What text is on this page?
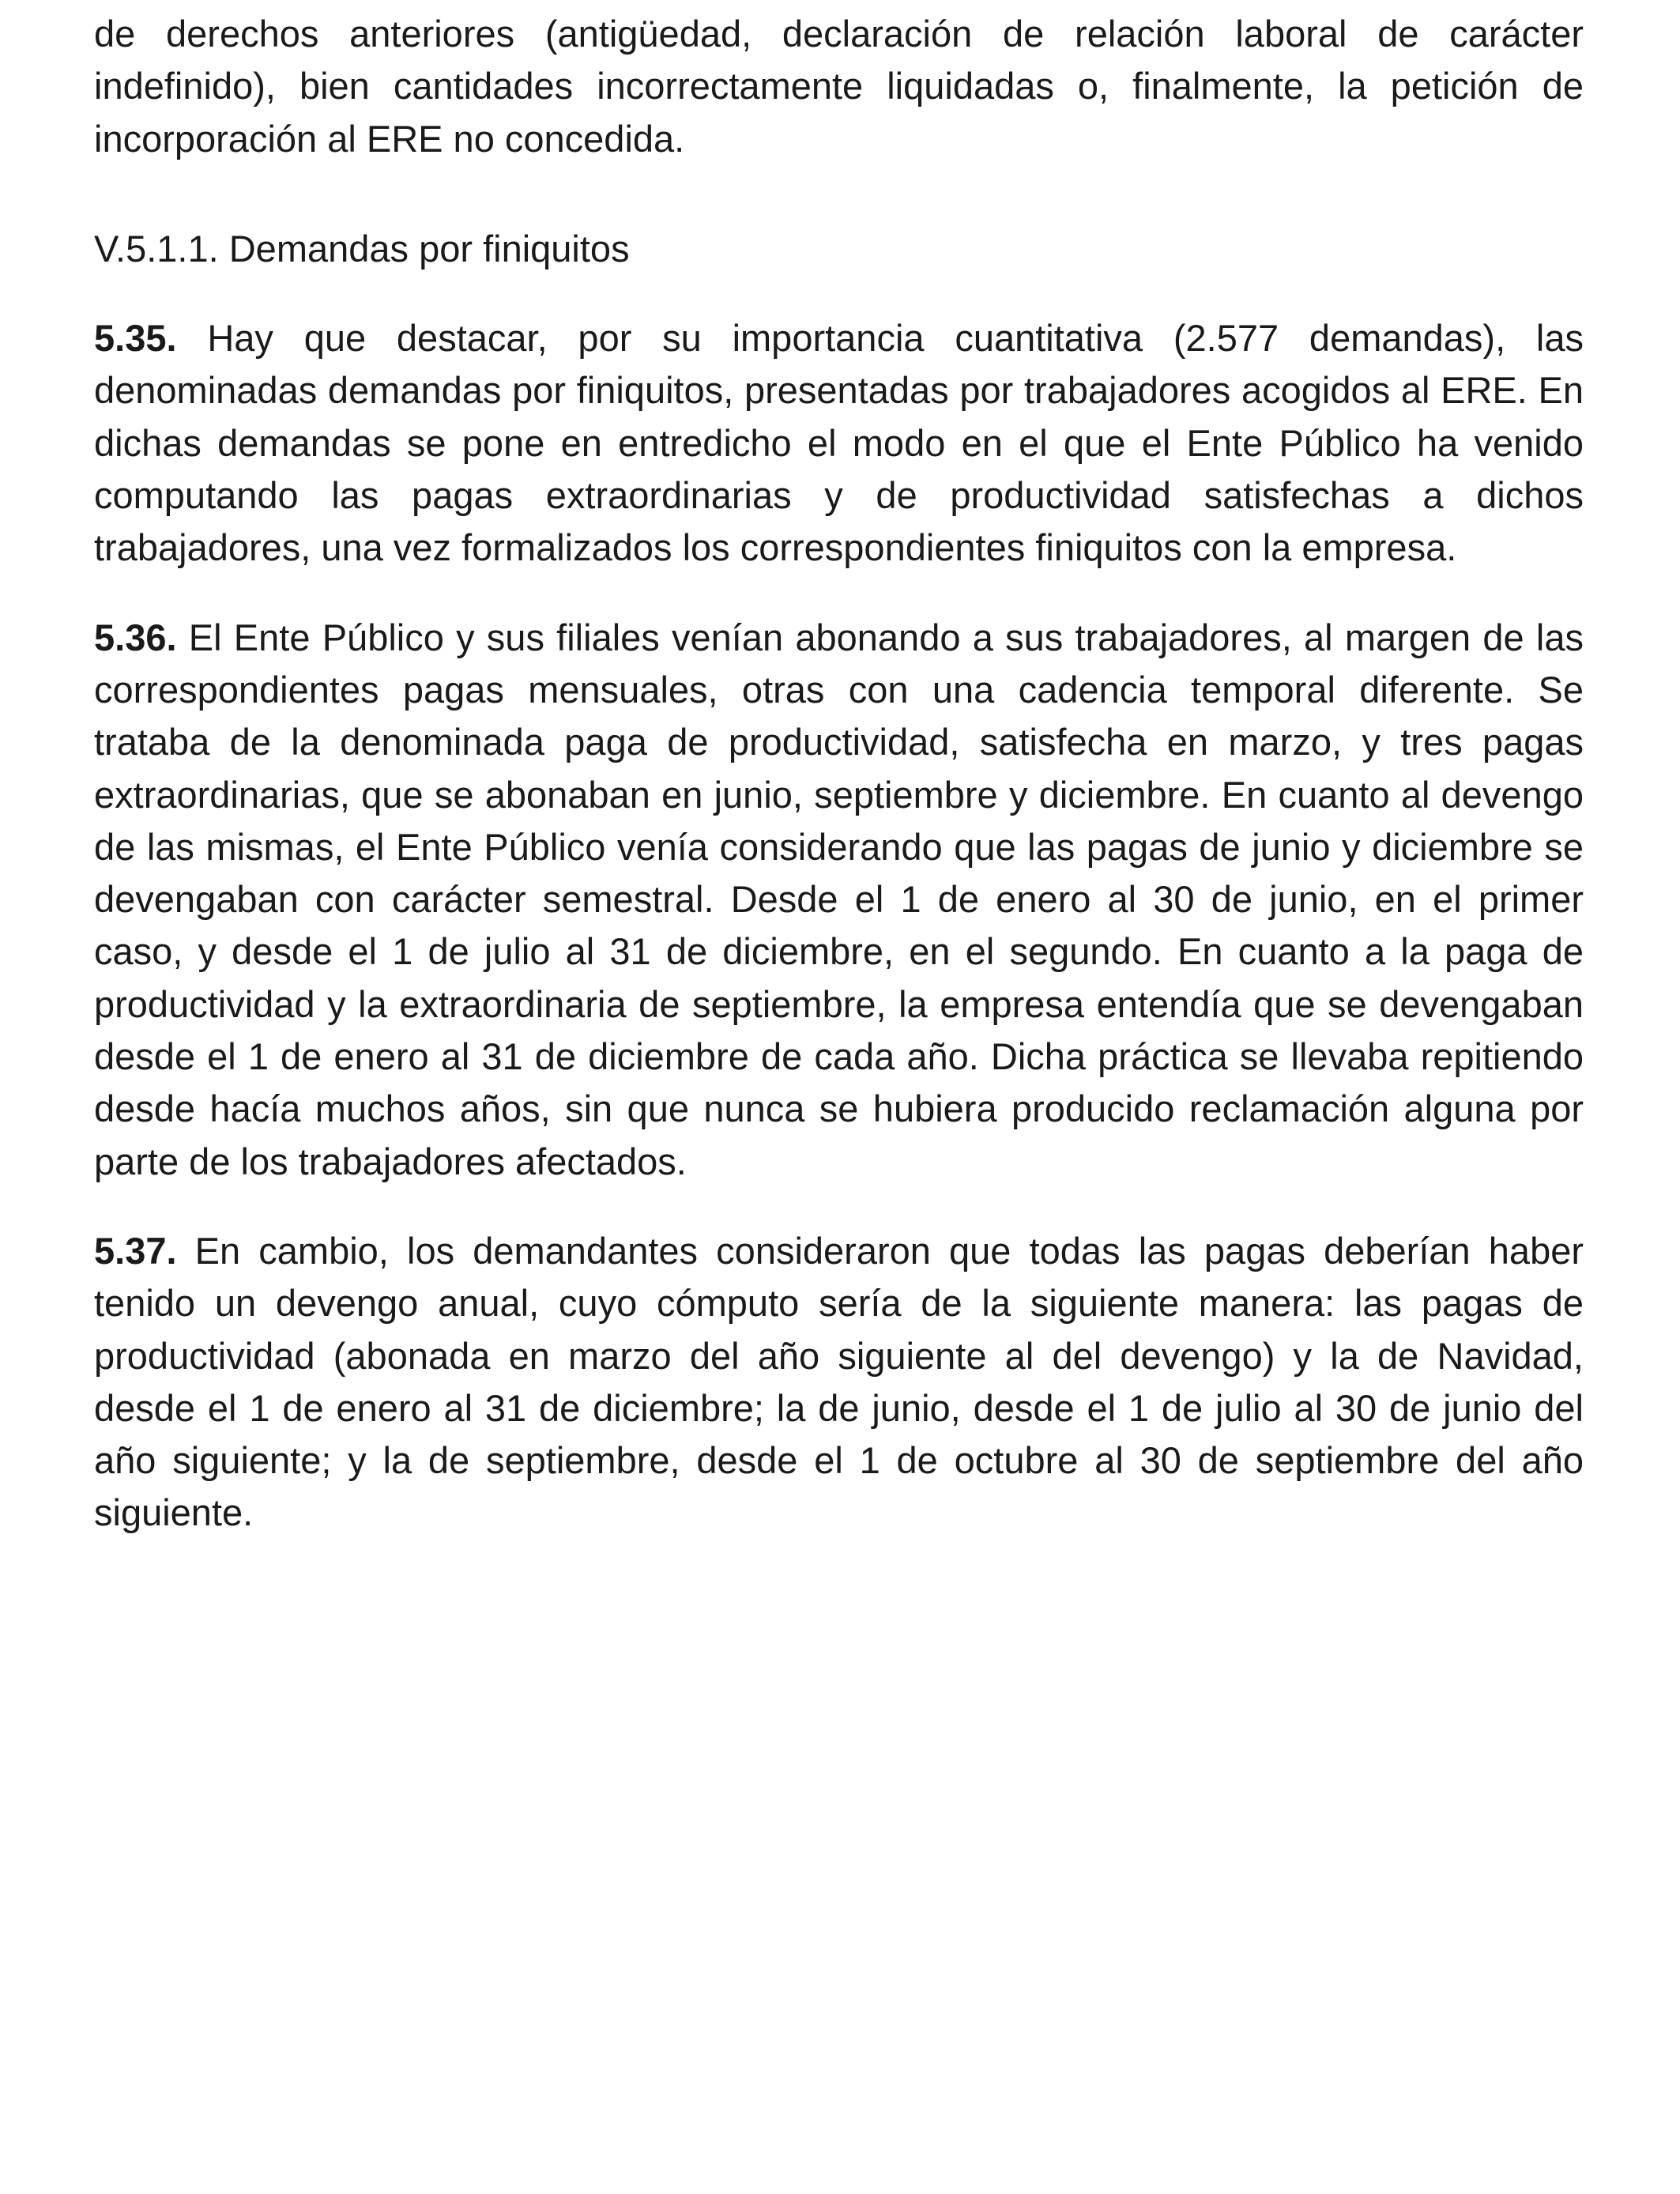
de derechos anteriores (antigüedad, declaración de relación laboral de carácter indefinido), bien cantidades incorrectamente liquidadas o, finalmente, la petición de incorporación al ERE no concedida.

V.5.1.1. Demandas por finiquitos

5.35. Hay que destacar, por su importancia cuantitativa (2.577 demandas), las denominadas demandas por finiquitos, presentadas por trabajadores acogidos al ERE. En dichas demandas se pone en entredicho el modo en el que el Ente Público ha venido computando las pagas extraordinarias y de productividad satisfechas a dichos trabajadores, una vez formalizados los correspondientes finiquitos con la empresa.

5.36. El Ente Público y sus filiales venían abonando a sus trabajadores, al margen de las correspondientes pagas mensuales, otras con una cadencia temporal diferente. Se trataba de la denominada paga de productividad, satisfecha en marzo, y tres pagas extraordinarias, que se abonaban en junio, septiembre y diciembre. En cuanto al devengo de las mismas, el Ente Público venía considerando que las pagas de junio y diciembre se devengaban con carácter semestral. Desde el 1 de enero al 30 de junio, en el primer caso, y desde el 1 de julio al 31 de diciembre, en el segundo. En cuanto a la paga de productividad y la extraordinaria de septiembre, la empresa entendía que se devengaban desde el 1 de enero al 31 de diciembre de cada año. Dicha práctica se llevaba repitiendo desde hacía muchos años, sin que nunca se hubiera producido reclamación alguna por parte de los trabajadores afectados.

5.37. En cambio, los demandantes consideraron que todas las pagas deberían haber tenido un devengo anual, cuyo cómputo sería de la siguiente manera: las pagas de productividad (abonada en marzo del año siguiente al del devengo) y la de Navidad, desde el 1 de enero al 31 de diciembre; la de junio, desde el 1 de julio al 30 de junio del año siguiente; y la de septiembre, desde el 1 de octubre al 30 de septiembre del año siguiente.
